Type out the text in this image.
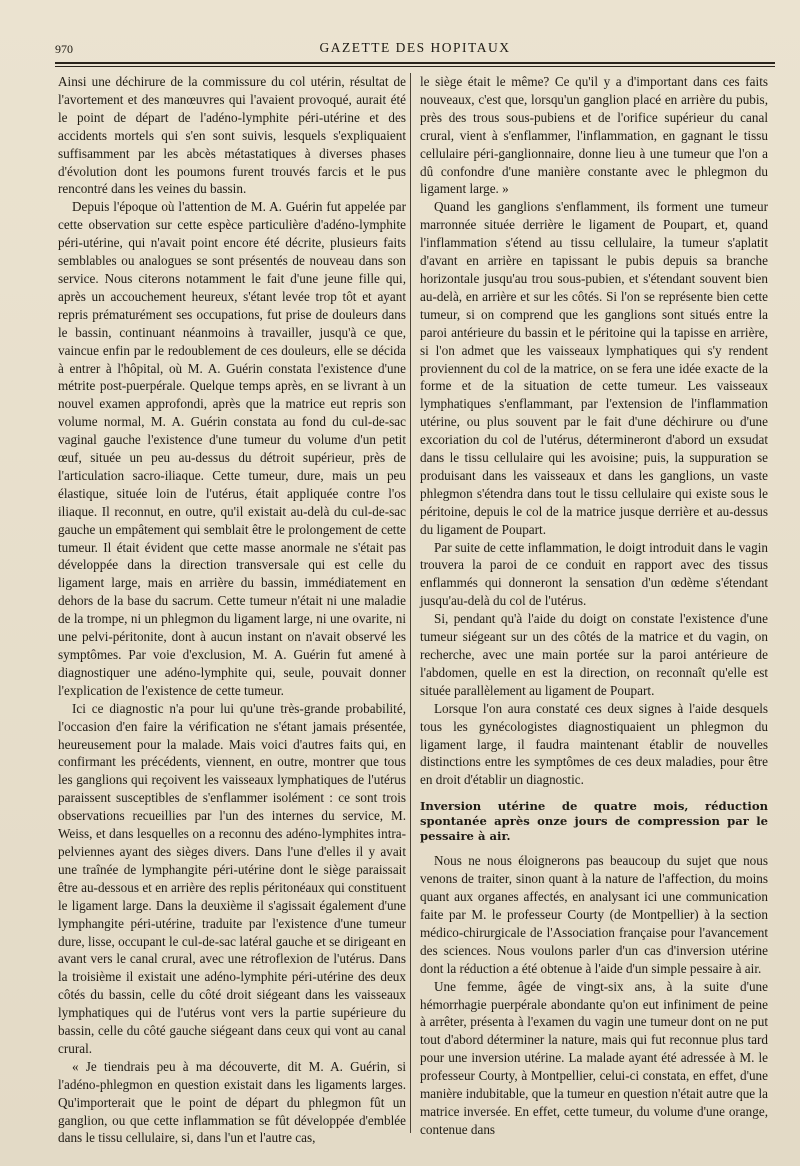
970	GAZETTE DES HOPITAUX

Ainsi une déchirure de la commissure du col utérin, résultat de l'avortement et des manœuvres qui l'avaient provoqué, aurait été le point de départ de l'adéno-lymphite péri-utérine et des accidents mortels qui s'en sont suivis, lesquels s'expliquaient suffisamment par les abcès métastatiques à diverses phases d'évolution dont les poumons furent trouvés farcis et le pus rencontré dans les veines du bassin.

Depuis l'époque où l'attention de M. A. Guérin fut appelée par cette observation sur cette espèce particulière d'adéno-lymphite péri-utérine, qui n'avait point encore été décrite, plusieurs faits semblables ou analogues se sont présentés de nouveau dans son service. Nous citerons notamment le fait d'une jeune fille qui, après un accouchement heureux, s'étant levée trop tôt et ayant repris prématurément ses occupations, fut prise de douleurs dans le bassin, continuant néanmoins à travailler, jusqu'à ce que, vaincue enfin par le redoublement de ces douleurs, elle se décida à entrer à l'hôpital, où M. A. Guérin constata l'existence d'une métrite post-puerpérale. Quelque temps après, en se livrant à un nouvel examen approfondi, après que la matrice eut repris son volume normal, M. A. Guérin constata au fond du cul-de-sac vaginal gauche l'existence d'une tumeur du volume d'un petit œuf, située un peu au-dessus du détroit supérieur, près de l'articulation sacro-iliaque. Cette tumeur, dure, mais un peu élastique, située loin de l'utérus, était appliquée contre l'os iliaque. Il reconnut, en outre, qu'il existait au-delà du cul-de-sac gauche un empâtement qui semblait être le prolongement de cette tumeur. Il était évident que cette masse anormale ne s'était pas développée dans la direction transversale qui est celle du ligament large, mais en arrière du bassin, immédiatement en dehors de la base du sacrum. Cette tumeur n'était ni une maladie de la trompe, ni un phlegmon du ligament large, ni une ovarite, ni une pelvi-péritonite, dont à aucun instant on n'avait observé les symptômes. Par voie d'exclusion, M. A. Guérin fut amené à diagnostiquer une adéno-lymphite qui, seule, pouvait donner l'explication de l'existence de cette tumeur.

Ici ce diagnostic n'a pour lui qu'une très-grande probabilité, l'occasion d'en faire la vérification ne s'étant jamais présentée, heureusement pour la malade. Mais voici d'autres faits qui, en confirmant les précédents, viennent, en outre, montrer que tous les ganglions qui reçoivent les vaisseaux lymphatiques de l'utérus paraissent susceptibles de s'enflammer isolément : ce sont trois observations recueillies par l'un des internes du service, M. Weiss, et dans lesquelles on a reconnu des adéno-lymphites intra-pelviennes ayant des sièges divers. Dans l'une d'elles il y avait une traînée de lymphangite péri-utérine dont le siège paraissait être au-dessous et en arrière des replis péritonéaux qui constituent le ligament large. Dans la deuxième il s'agissait également d'une lymphangite péri-utérine, traduite par l'existence d'une tumeur dure, lisse, occupant le cul-de-sac latéral gauche et se dirigeant en avant vers le canal crural, avec une rétroflexion de l'utérus. Dans la troisième il existait une adéno-lymphite péri-utérine des deux côtés du bassin, celle du côté droit siégeant dans les vaisseaux lymphatiques qui de l'utérus vont vers la partie supérieure du bassin, celle du côté gauche siégeant dans ceux qui vont au canal crural.

« Je tiendrais peu à ma découverte, dit M. A. Guérin, si l'adéno-phlegmon en question existait dans les ligaments larges. Qu'importerait que le point de départ du phlegmon fût un ganglion, ou que cette inflammation se fût développée d'emblée dans le tissu cellulaire, si, dans l'un et l'autre cas,

le siège était le même? Ce qu'il y a d'important dans ces faits nouveaux, c'est que, lorsqu'un ganglion placé en arrière du pubis, près des trous sous-pubiens et de l'orifice supérieur du canal crural, vient à s'enflammer, l'inflammation, en gagnant le tissu cellulaire péri-ganglionnaire, donne lieu à une tumeur que l'on a dû confondre d'une manière constante avec le phlegmon du ligament large. »

Quand les ganglions s'enflamment, ils forment une tumeur marronnée située derrière le ligament de Poupart, et, quand l'inflammation s'étend au tissu cellulaire, la tumeur s'aplatit d'avant en arrière en tapissant le pubis depuis sa branche horizontale jusqu'au trou sous-pubien, et s'étendant souvent bien au-delà, en arrière et sur les côtés. Si l'on se représente bien cette tumeur, si on comprend que les ganglions sont situés entre la paroi antérieure du bassin et le péritoine qui la tapisse en arrière, si l'on admet que les vaisseaux lymphatiques qui s'y rendent proviennent du col de la matrice, on se fera une idée exacte de la forme et de la situation de cette tumeur. Les vaisseaux lymphatiques s'enflammant, par l'extension de l'inflammation utérine, ou plus souvent par le fait d'une déchirure ou d'une excoriation du col de l'utérus, détermineront d'abord un exsudat dans le tissu cellulaire qui les avoisine; puis, la suppuration se produisant dans les vaisseaux et dans les ganglions, un vaste phlegmon s'étendra dans tout le tissu cellulaire qui existe sous le péritoine, depuis le col de la matrice jusque derrière et au-dessus du ligament de Poupart.

Par suite de cette inflammation, le doigt introduit dans le vagin trouvera la paroi de ce conduit en rapport avec des tissus enflammés qui donneront la sensation d'un œdème s'étendant jusqu'au-delà du col de l'utérus.

Si, pendant qu'à l'aide du doigt on constate l'existence d'une tumeur siégeant sur un des côtés de la matrice et du vagin, on recherche, avec une main portée sur la paroi antérieure de l'abdomen, quelle en est la direction, on reconnaît qu'elle est située parallèlement au ligament de Poupart.

Lorsque l'on aura constaté ces deux signes à l'aide desquels tous les gynécologistes diagnostiquaient un phlegmon du ligament large, il faudra maintenant établir de nouvelles distinctions entre les symptômes de ces deux maladies, pour être en droit d'établir un diagnostic.

Inversion utérine de quatre mois, réduction spontanée après onze jours de compression par le pessaire à air.

Nous ne nous éloignerons pas beaucoup du sujet que nous venons de traiter, sinon quant à la nature de l'affection, du moins quant aux organes affectés, en analysant ici une communication faite par M. le professeur Courty (de Montpellier) à la section médico-chirurgicale de l'Association française pour l'avancement des sciences. Nous voulons parler d'un cas d'inversion utérine dont la réduction a été obtenue à l'aide d'un simple pessaire à air.

Une femme, âgée de vingt-six ans, à la suite d'une hémorrhagie puerpérale abondante qu'on eut infiniment de peine à arrêter, présenta à l'examen du vagin une tumeur dont on ne put tout d'abord déterminer la nature, mais qui fut reconnue plus tard pour une inversion utérine. La malade ayant été adressée à M. le professeur Courty, à Montpellier, celui-ci constata, en effet, d'une manière indubitable, que la tumeur en question n'était autre que la matrice inversée. En effet, cette tumeur, du volume d'une orange, contenue dans
